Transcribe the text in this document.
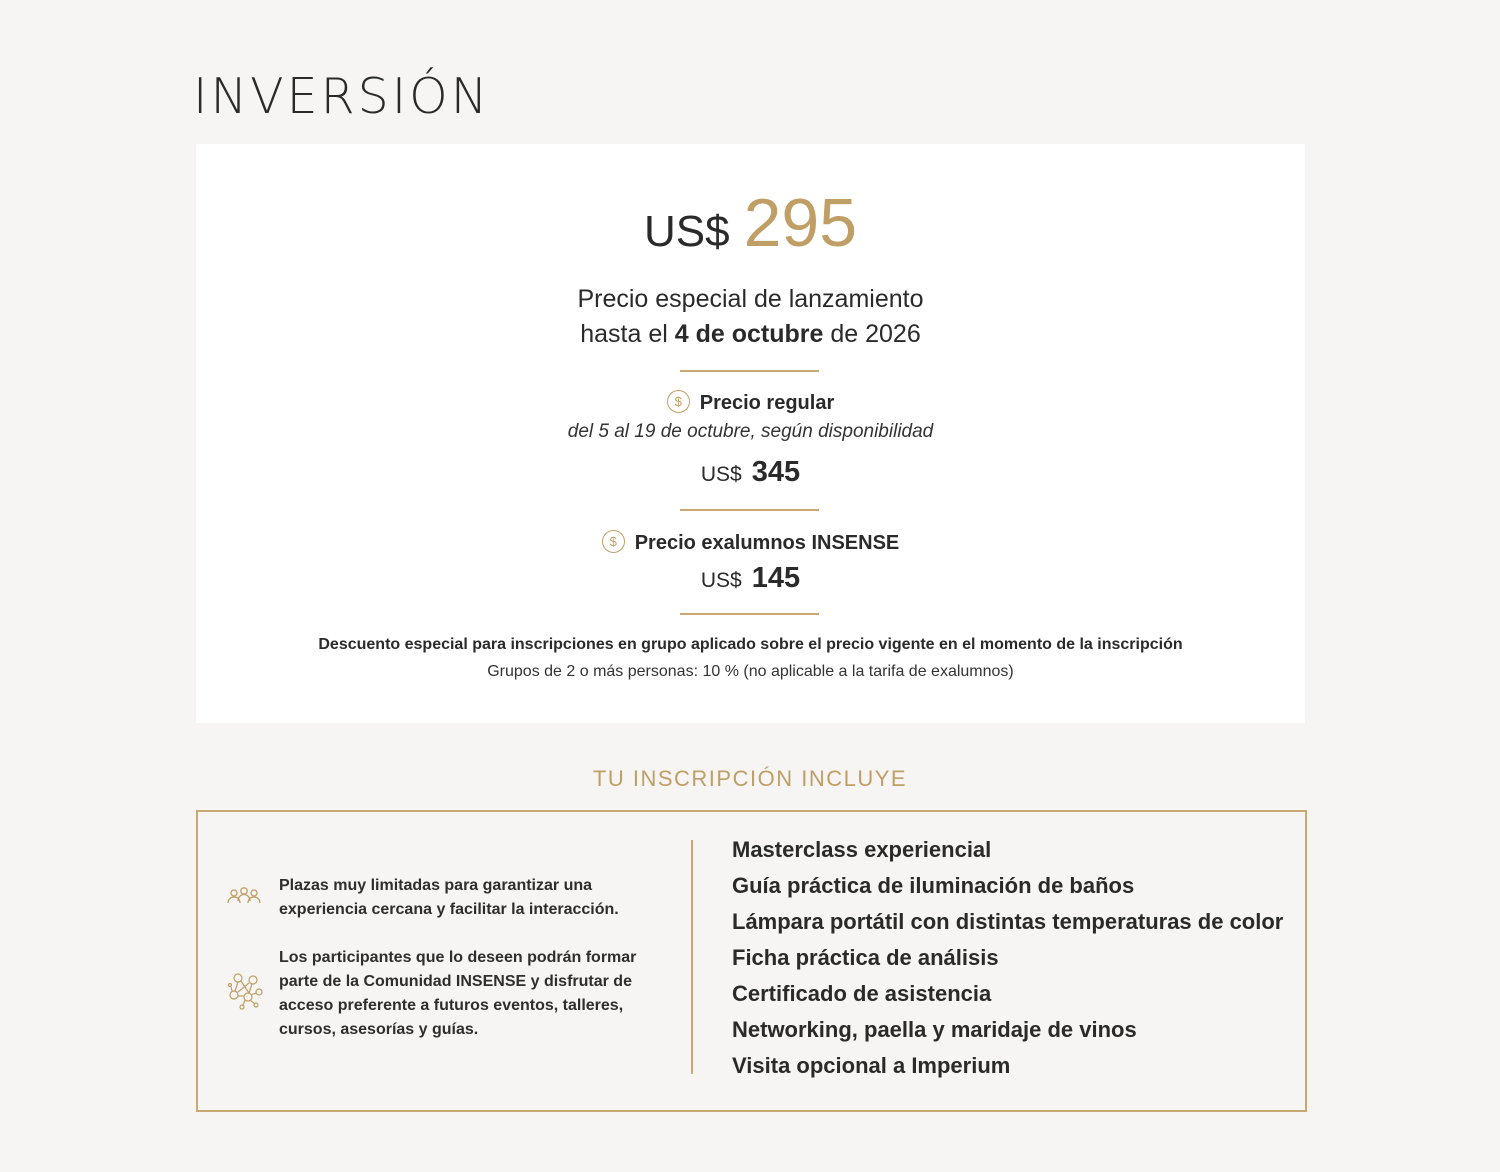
INVERSIÓN
US$ 295
Precio especial de lanzamiento
hasta el 4 de octubre de 2026
$ Precio regular
del 5 al 19 de octubre, según disponibilidad
US$ 345
$ Precio exalumnos INSENSE
US$ 145
Descuento especial para inscripciones en grupo aplicado sobre el precio vigente en el momento de la inscripción
Grupos de 2 o más personas: 10 % (no aplicable a la tarifa de exalumnos)
TU INSCRIPCIÓN INCLUYE
Plazas muy limitadas para garantizar una experiencia cercana y facilitar la interacción.
Los participantes que lo deseen podrán formar parte de la Comunidad INSENSE y disfrutar de acceso preferente a futuros eventos, talleres, cursos, asesorías y guías.
Masterclass experiencial
Guía práctica de iluminación de baños
Lámpara portátil con distintas temperaturas de color
Ficha práctica de análisis
Certificado de asistencia
Networking, paella y maridaje de vinos
Visita opcional a Imperium
